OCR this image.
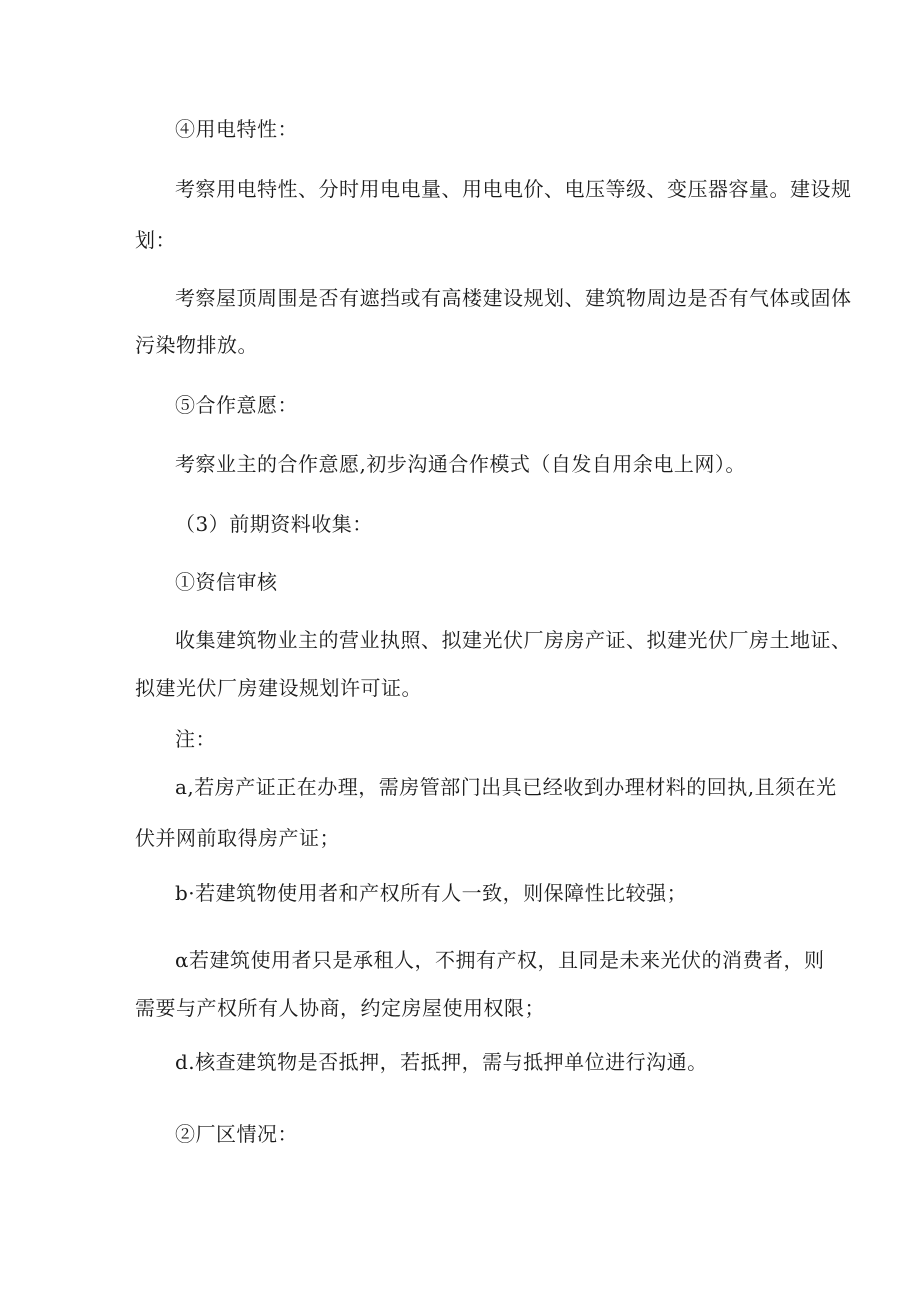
④用电特性：
考察用电特性、分时用电电量、用电电价、电压等级、变压器容量。建设规
划：
考察屋顶周围是否有遮挡或有高楼建设规划、建筑物周边是否有气体或固体
污染物排放。
⑤合作意愿：
考察业主的合作意愿,初步沟通合作模式（自发自用余电上网）。
（3）前期资料收集：
①资信审核
收集建筑物业主的营业执照、拟建光伏厂房房产证、拟建光伏厂房土地证、
拟建光伏厂房建设规划许可证。
注：
a,若房产证正在办理，需房管部门出具已经收到办理材料的回执,且须在光
伏并网前取得房产证；
b·若建筑物使用者和产权所有人一致，则保障性比较强；
α若建筑使用者只是承租人，不拥有产权，且同是未来光伏的消费者，则
需要与产权所有人协商，约定房屋使用权限；
d.核查建筑物是否抵押，若抵押，需与抵押单位进行沟通。
②厂区情况：
